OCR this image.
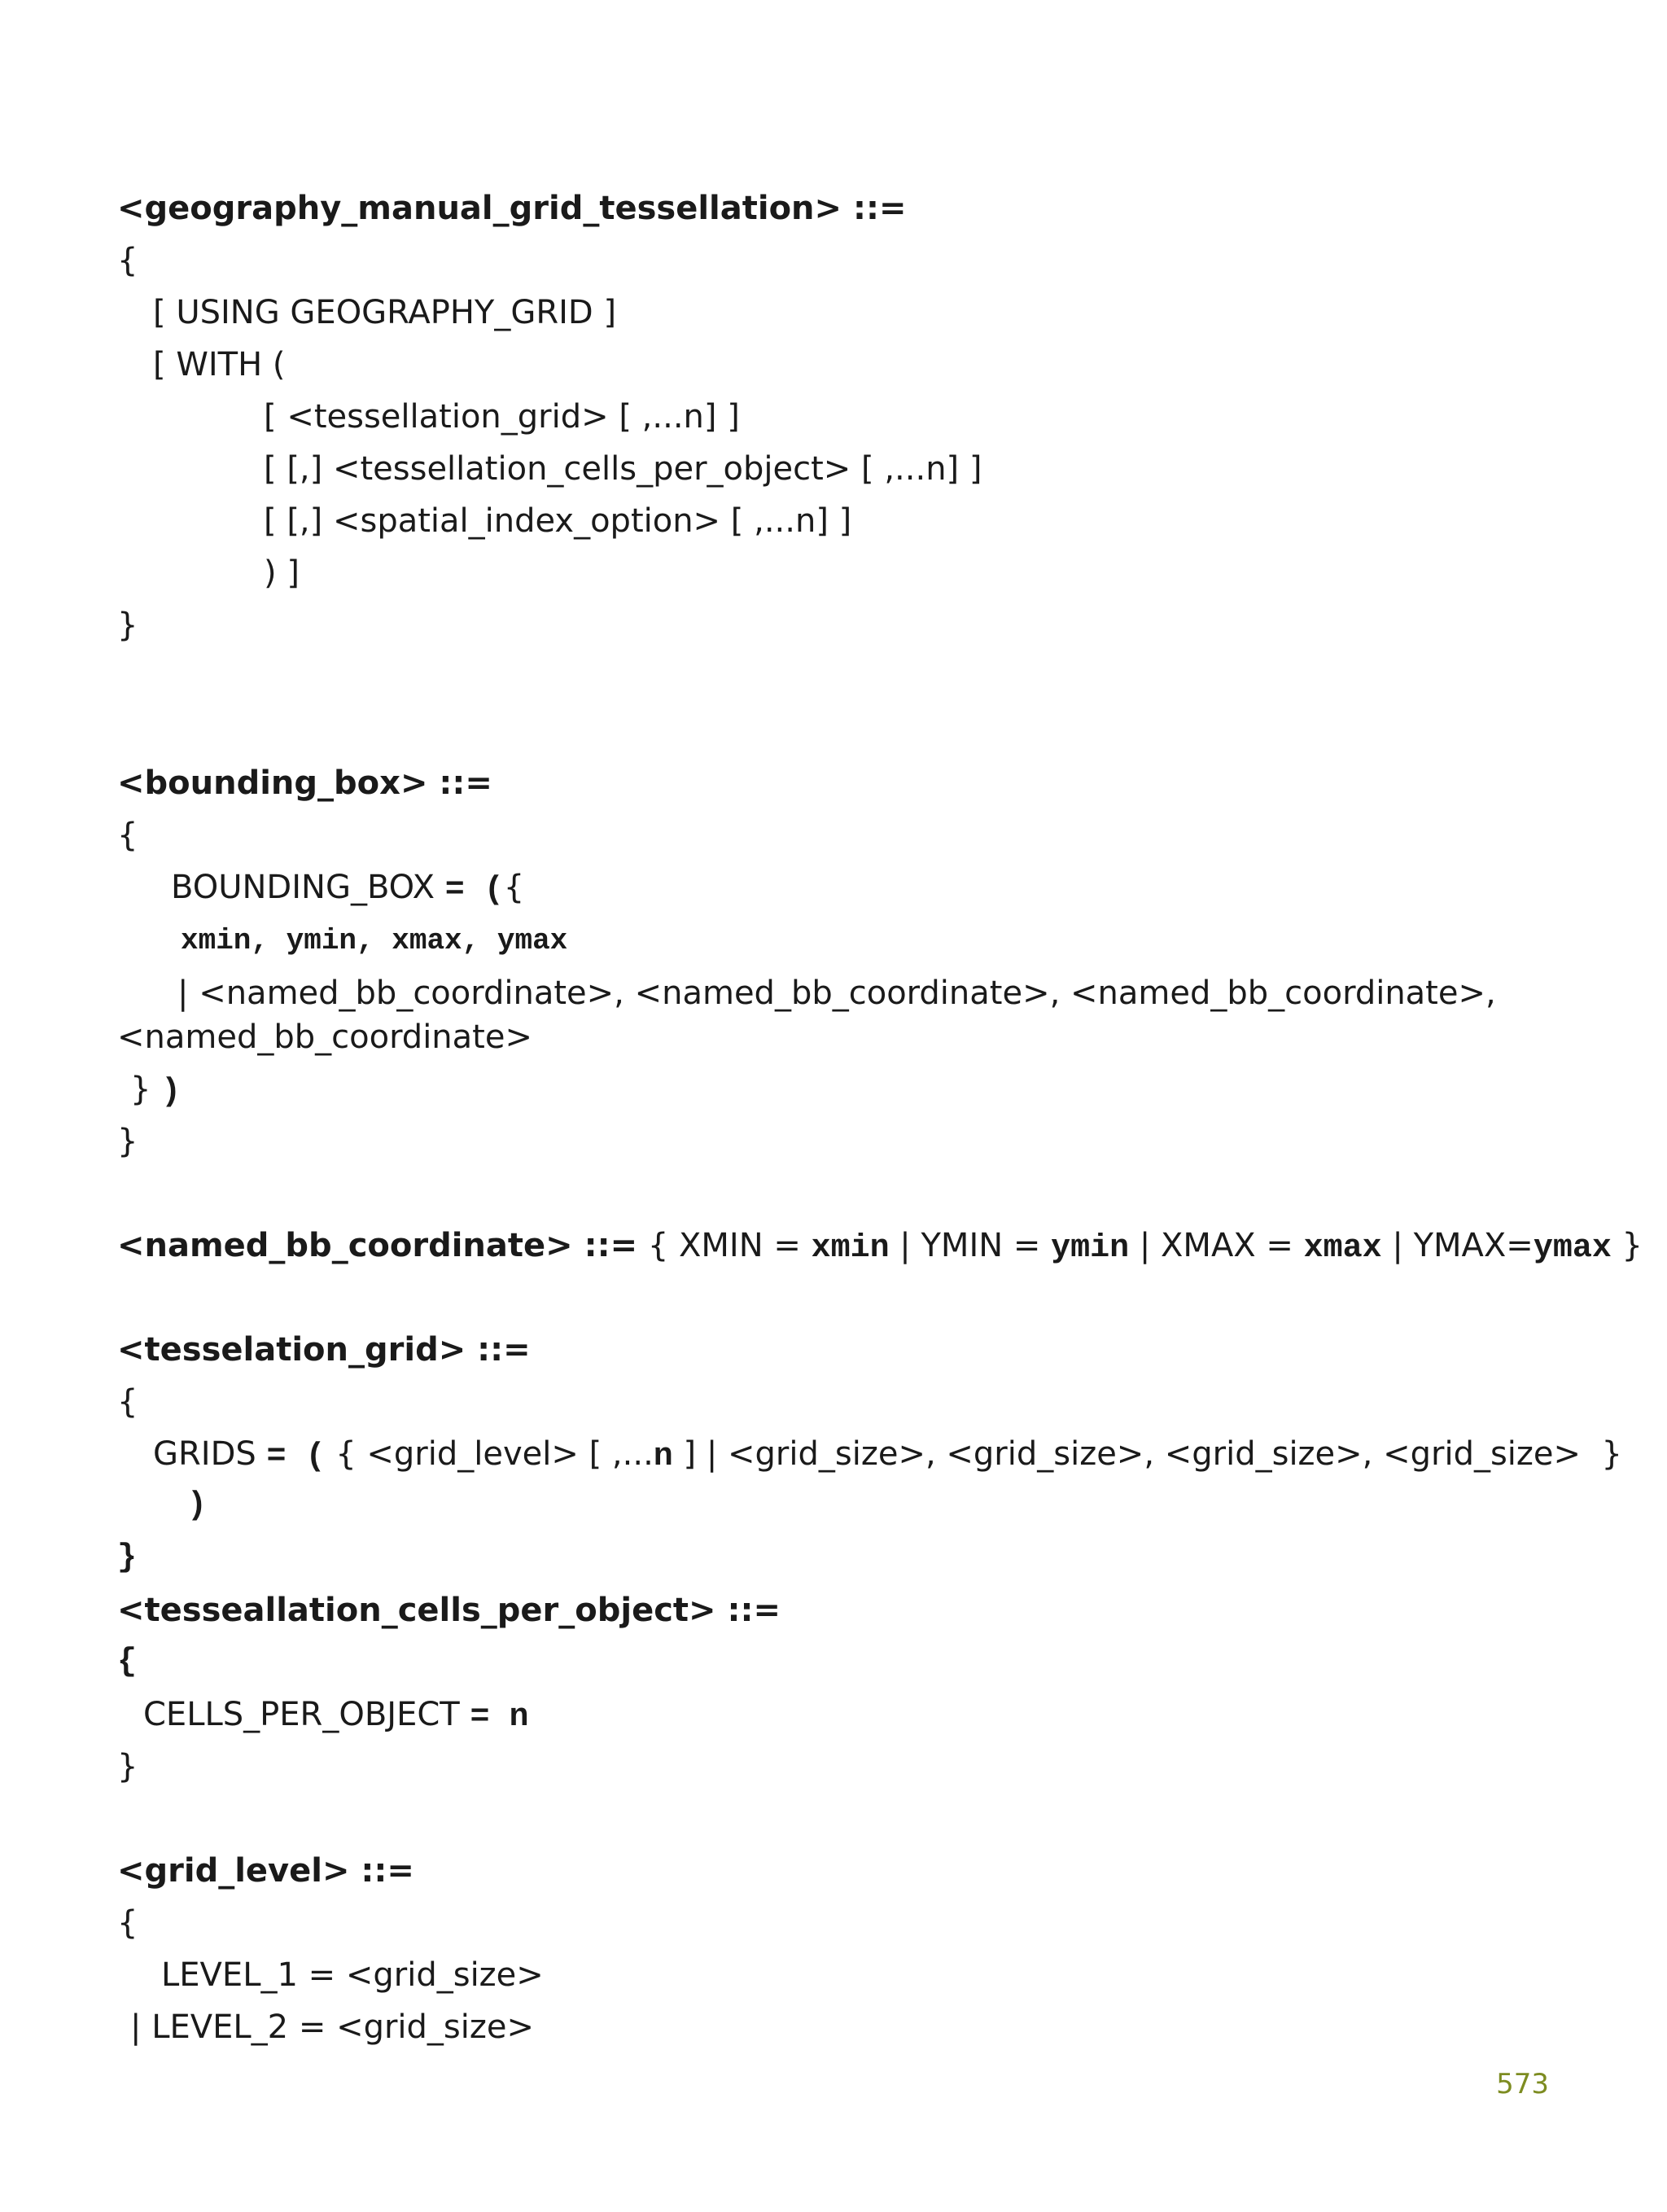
<geography_manual_grid_tessellation> ::=
{
[ USING GEOGRAPHY_GRID ]
[ WITH (
[ <tessellation_grid> [ ,...n] ]
[ [,] <tessellation_cells_per_object> [ ,...n] ]
[ [,] <spatial_index_option> [ ,...n] ]
) ]
}
<bounding_box> ::=
{
BOUNDING_BOX = ({
xmin, ymin, xmax, ymax
| <named_bb_coordinate>, <named_bb_coordinate>, <named_bb_coordinate>,
<named_bb_coordinate>
} )
}
<named_bb_coordinate> ::= { XMIN = xmin | YMIN = ymin | XMAX = xmax | YMAX=ymax }
<tesselation_grid> ::=
{
GRIDS = ( { <grid_level> [ ,...n ] | <grid_size>, <grid_size>, <grid_size>, <grid_size>  }
)
}
<tesseallation_cells_per_object> ::=
{
CELLS_PER_OBJECT = n
}
<grid_level> ::=
{
LEVEL_1 = <grid_size>
| LEVEL_2 = <grid_size>
573
